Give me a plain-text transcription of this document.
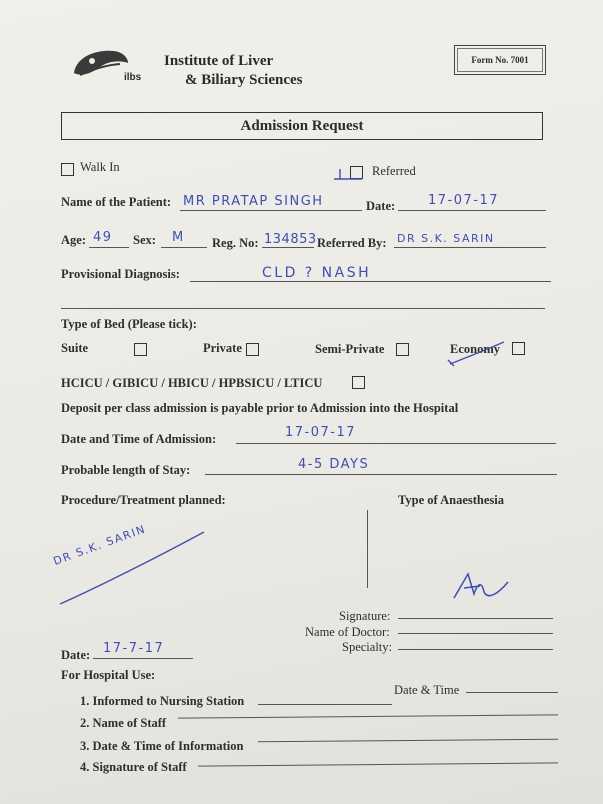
ilbs
Institute of Liver
& Biliary Sciences
Form No. 7001
Admission Request
Walk In	Referred
Name of the Patient: MR PRATAP SINGH	Date:	17-07-17
Age: 49 Sex: M Reg. No: 134853 Referred By: DR S.K. SARIN
Provisional Diagnosis:	CLD ? NASH
Type of Bed (Please tick):
Suite	Private	Semi-Private	Economy
HCICU / GIBICU / HBICU / HPBSICU / LTICU
Deposit per class admission is payable prior to Admission into the Hospital
Date and Time of Admission:	17-07-17
Probable length of Stay:	4-5 DAYS
Procedure/Treatment planned:	Type of Anaesthesia
DR S.K. SARIN
Signature:
Name of Doctor:
Specialty:
Date: 17-7-17
For Hospital Use:
Date & Time
1. Informed to Nursing Station
2. Name of Staff
3. Date & Time of Information
4. Signature of Staff
